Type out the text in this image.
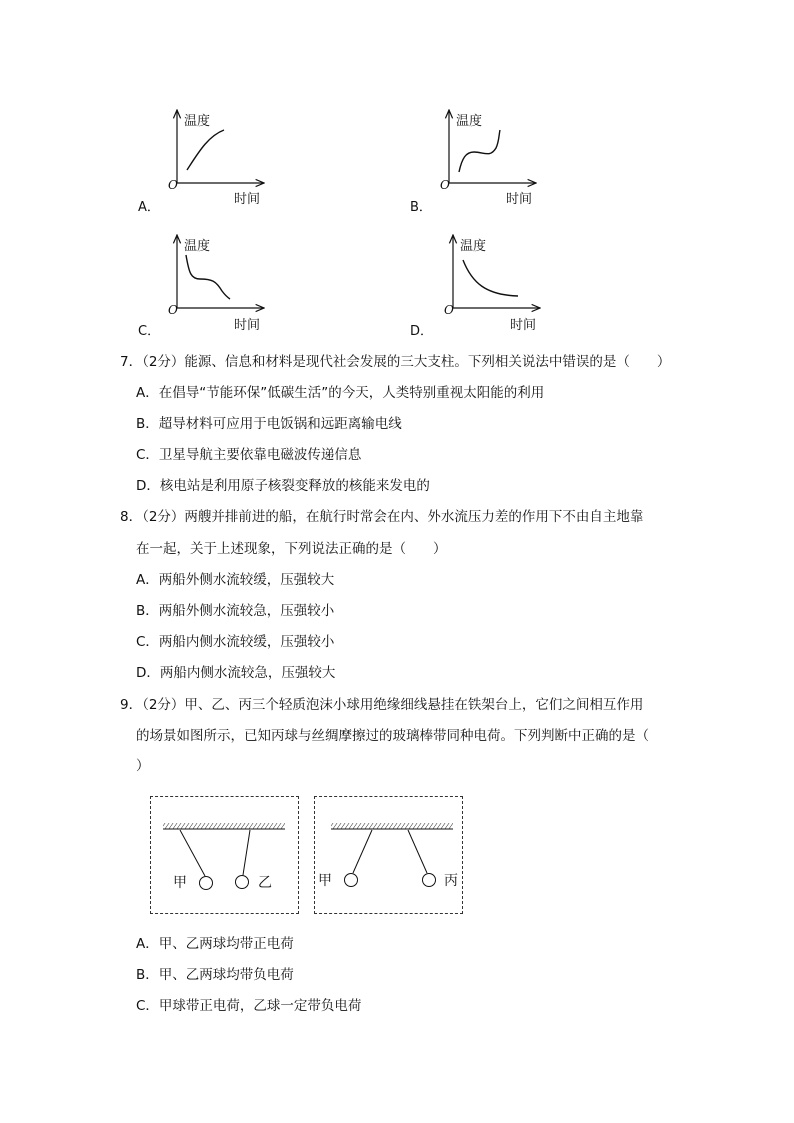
温度
时间
O
A．
温度
时间
O
B．
温度
时间
O
C．
温度
时间
O
D．
7．（2分）能源、信息和材料是现代社会发展的三大支柱。下列相关说法中错误的是（　　）
A．在倡导“节能环保”低碳生活”的今天，人类特别重视太阳能的利用
B．超导材料可应用于电饭锅和远距离输电线
C．卫星导航主要依靠电磁波传递信息
D．核电站是利用原子核裂变释放的核能来发电的
8．（2分）两艘并排前进的船，在航行时常会在内、外水流压力差的作用下不由自主地靠
在一起，关于上述现象，下列说法正确的是（　　）
A．两船外侧水流较缓，压强较大
B．两船外侧水流较急，压强较小
C．两船内侧水流较缓，压强较小
D．两船内侧水流较急，压强较大
9．（2分）甲、乙、丙三个轻质泡沫小球用绝缘细线悬挂在铁架台上，它们之间相互作用
的场景如图所示，已知丙球与丝绸摩擦过的玻璃棒带同种电荷。下列判断中正确的是（
）
甲	乙	甲	丙
A．甲、乙两球均带正电荷
B．甲、乙两球均带负电荷
C．甲球带正电荷，乙球一定带负电荷
